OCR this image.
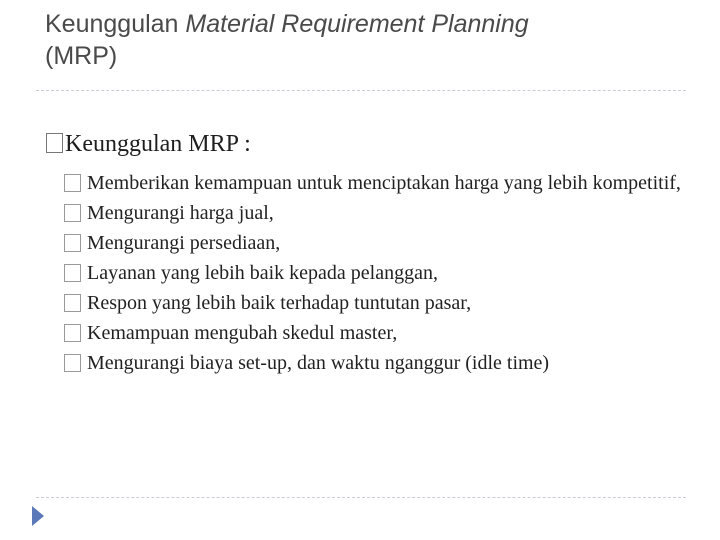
Keunggulan Material Requirement Planning
(MRP)
Keunggulan MRP :
Memberikan kemampuan untuk menciptakan harga yang lebih kompetitif,
Mengurangi harga jual,
Mengurangi persediaan,
Layanan yang lebih baik kepada pelanggan,
Respon yang lebih baik terhadap tuntutan pasar,
Kemampuan mengubah skedul master,
Mengurangi biaya set-up, dan waktu nganggur (idle time)
